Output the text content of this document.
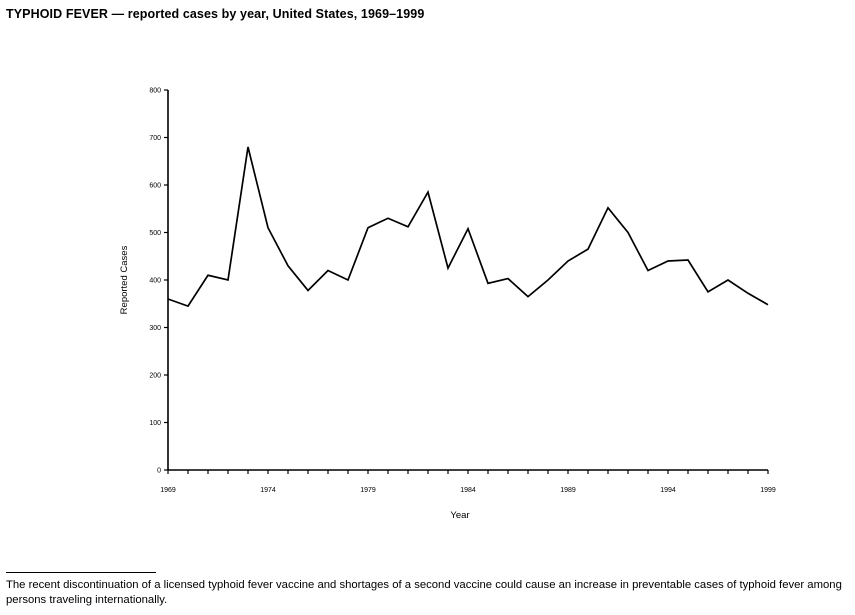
TYPHOID FEVER — reported cases by year, United States, 1969–1999
0
100
200
300
400
500
600
700
800
Reported Cases
1969	1974	1979	1984	1989	1994	1999
Year
The recent discontinuation of a licensed typhoid fever vaccine and shortages of a second vaccine could cause an increase in preventable cases of typhoid fever among persons traveling internationally.
